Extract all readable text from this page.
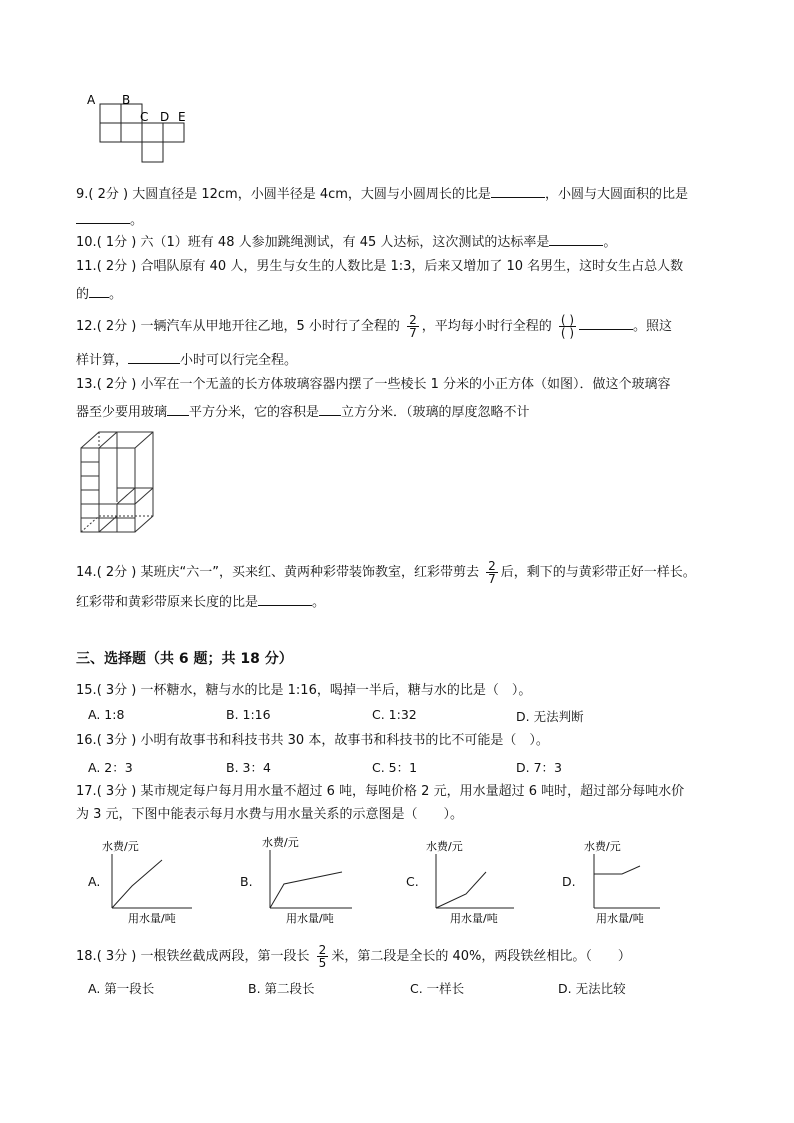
A B
C D E
9.( 2分 ) 大圆直径是 12cm，小圆半径是 4cm，大圆与小圆周长的比是	，小圆与大圆面积的比是
。
10.( 1分 ) 六（1）班有 48 人参加跳绳测试，有 45 人达标，这次测试的达标率是	。
11.( 2分 ) 合唱队原有 40 人，男生与女生的人数比是 1:3，后来又增加了 10 名男生，这时女生占总人数
的 。
12.( 2分 ) 一辆汽车从甲地开往乙地，5 小时行了全程的 $\frac{2}{7}$ ，平均每小时行全程的 $\frac{( )}{( )}$	。照这
样计算，	小时可以行完全程。
13.( 2分 ) 小军在一个无盖的长方体玻璃容器内摆了一些棱长 1 分米的小正方体（如图）．做这个玻璃容
器至少要用玻璃 平方分米，它的容积是 立方分米．（玻璃的厚度忽略不计
14.( 2分 ) 某班庆“六一”，买来红、黄两种彩带装饰教室，红彩带剪去 $\frac{2}{7}$ 后，剩下的与黄彩带正好一样长。
红彩带和黄彩带原来长度的比是	。
三、选择题（共 6 题；共 18 分）
15.( 3分 ) 一杯糖水，糖与水的比是 1:16，喝掉一半后，糖与水的比是（　）。
A. 1:8	B. 1:16	C. 1:32	D. 无法判断
16.( 3分 ) 小明有故事书和科技书共 30 本，故事书和科技书的比不可能是（　）。
A. 2：3	B. 3：4	C. 5：1	D. 7：3
17.( 3分 ) 某市规定每户每月用水量不超过 6 吨，每吨价格 2 元，用水量超过 6 吨时，超过部分每吨水价
为 3 元，下图中能表示每月水费与用水量关系的示意图是（　　）。
A.
水费/元
用水量/吨
B.
水费/元
用水量/吨
C.
水费/元
用水量/吨
D.
水费/元
用水量/吨
18.( 3分 ) 一根铁丝截成两段，第一段长 $\frac{2}{5}$ 米，第二段是全长的 40%，两段铁丝相比。（　　）
A. 第一段长	B. 第二段长	C. 一样长	D. 无法比较
